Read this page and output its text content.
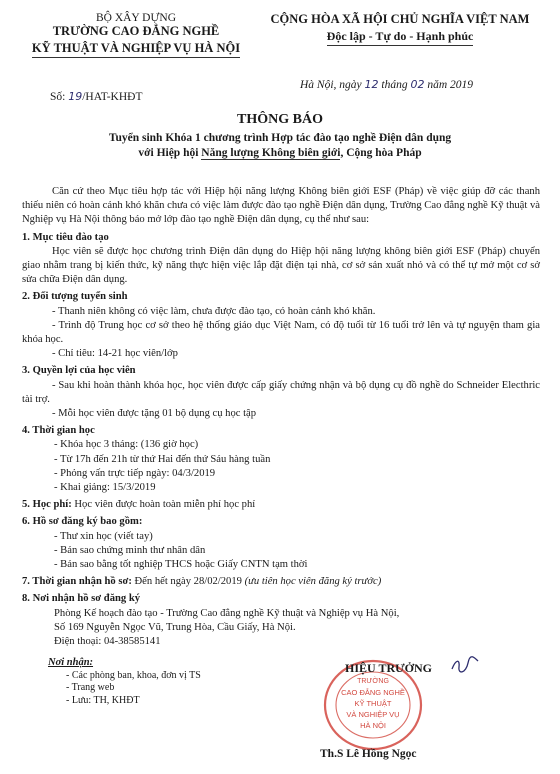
BỘ XÂY DỰNG
TRƯỜNG CAO ĐẲNG NGHỀ
KỸ THUẬT VÀ NGHIỆP VỤ HÀ NỘI
CỘNG HÒA XÃ HỘI CHỦ NGHĨA VIỆT NAM
Độc lập - Tự do - Hạnh phúc
Số: 19/HAT-KHĐT
Hà Nội, ngày 12 tháng 02 năm 2019
THÔNG BÁO
Tuyển sinh Khóa 1 chương trình Hợp tác đào tạo nghề Điện dân dụng
với Hiệp hội Năng lượng Không biên giới, Cộng hòa Pháp

Căn cứ theo Mục tiêu hợp tác với Hiệp hội năng lượng Không biên giới ESF (Pháp) về việc giúp đỡ các thanh thiếu niên có hoàn cảnh khó khăn chưa có việc làm được đào tạo nghề Điện dân dụng, Trường Cao đẳng nghề Kỹ thuật và Nghiệp vụ Hà Nội thông báo mở lớp đào tạo nghề Điện dân dụng, cụ thể như sau:

1. Mục tiêu đào tạo

Học viên sẽ được học chương trình Điện dân dụng do Hiệp hội năng lượng không biên giới ESF (Pháp) chuyển giao nhằm trang bị kiến thức, kỹ năng thực hiện việc lắp đặt điện tại nhà, cơ sở sản xuất nhỏ và có thể tự mở một cơ sở sửa chữa Điện dân dụng.

2. Đối tượng tuyển sinh

- Thanh niên không có việc làm, chưa được đào tạo, có hoàn cảnh khó khăn.

- Trình độ Trung học cơ sở theo hệ thống giáo dục Việt Nam, có độ tuổi từ 16 tuổi trở lên và tự nguyện tham gia khóa học.

- Chỉ tiêu: 14-21 học viên/lớp

3. Quyền lợi của học viên

- Sau khi hoàn thành khóa học, học viên được cấp giấy chứng nhận và bộ dụng cụ đồ nghề do Schneider Electhric tài trợ.

- Mỗi học viên được tặng 01 bộ dụng cụ học tập

4. Thời gian học

- Khóa học 3 tháng: (136 giờ học)

- Từ 17h đến 21h từ thứ Hai đến thứ Sáu hàng tuần

- Phỏng vấn trực tiếp ngày: 04/3/2019

- Khai giảng: 15/3/2019

5. Học phí: Học viên được hoàn toàn miễn phí học phí

6. Hồ sơ đăng ký bao gồm:

- Thư xin học (viết tay)

- Bản sao chứng minh thư nhân dân

- Bản sao bằng tốt nghiệp THCS hoặc Giấy CNTN tạm thời

7. Thời gian nhận hồ sơ: Đến hết ngày 28/02/2019 (ưu tiên học viên đăng ký trước)

8. Nơi nhận hồ sơ đăng ký

Phòng Kế hoạch đào tạo - Trường Cao đẳng nghề Kỹ thuật và Nghiệp vụ Hà Nội,

Số 169 Nguyễn Ngọc Vũ, Trung Hòa, Cầu Giấy, Hà Nội.

Điện thoại: 04-38585141

Nơi nhận:
- Các phòng ban, khoa, đơn vị TS
- Trang web
- Lưu: TH, KHĐT
TRƯỜNG
CAO ĐẲNG NGHỀ
KỸ THUẬT
VÀ NGHIỆP VỤ
HÀ NỘI
HIỆU TRƯỞNG
Th.S Lê Hồng Ngọc
